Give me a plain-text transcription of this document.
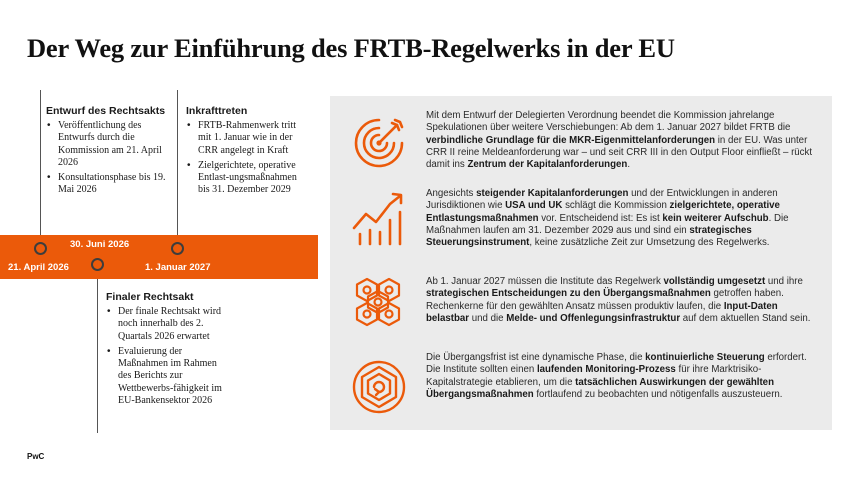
Der Weg zur Einführung des FRTB-Regelwerks in der EU
21. April 2026
30. Juni 2026
1. Januar 2027
Entwurf des Rechtsakts
• Veröffentlichung des Entwurfs durch die Kommission am 21. April 2026
• Konsultationsphase bis 19. Mai 2026
Inkrafttreten
• FRTB-Rahmenwerk tritt mit 1. Januar wie in der CRR angelegt in Kraft
• Zielgerichtete, operative Entlast-ungsmaßnahmen bis 31. Dezember 2029
Finaler Rechtsakt
• Der finale Rechtsakt wird noch innerhalb des 2. Quartals 2026 erwartet
• Evaluierung der Maßnahmen im Rahmen des Berichts zur Wettbewerbs-fähigkeit im EU-Bankensektor 2026

Mit dem Entwurf der Delegierten Verordnung beendet die Kommission jahrelange Spekulationen über weitere Verschiebungen: Ab dem 1. Januar 2027 bildet FRTB die verbindliche Grundlage für die MKR-Eigenmittelanforderungen in der EU. Was unter CRR II reine Meldeanforderung war – und seit CRR III in den Output Floor einfließt – rückt damit ins Zentrum der Kapitalanforderungen.

Angesichts steigender Kapitalanforderungen und der Entwicklungen in anderen Jurisdiktionen wie USA und UK schlägt die Kommission zielgerichtete, operative Entlastungsmaßnahmen vor. Entscheidend ist: Es ist kein weiterer Aufschub. Die Maßnahmen laufen am 31. Dezember 2029 aus und sind ein strategisches Steuerungsinstrument, keine zusätzliche Zeit zur Umsetzung des Regelwerks.

Ab 1. Januar 2027 müssen die Institute das Regelwerk vollständig umgesetzt und ihre strategischen Entscheidungen zu den Übergangsmaßnahmen getroffen haben. Rechenkerne für den gewählten Ansatz müssen produktiv laufen, die Input-Daten belastbar und die Melde- und Offenlegungsinfrastruktur auf dem aktuellen Stand sein.

Die Übergangsfrist ist eine dynamische Phase, die kontinuierliche Steuerung erfordert. Die Institute sollten einen laufenden Monitoring-Prozess für ihre Marktrisiko-Kapitalstrategie etablieren, um die tatsächlichen Auswirkungen der gewählten Übergangsmaßnahmen fortlaufend zu beobachten und nötigenfalls auszusteuern.

PwC
